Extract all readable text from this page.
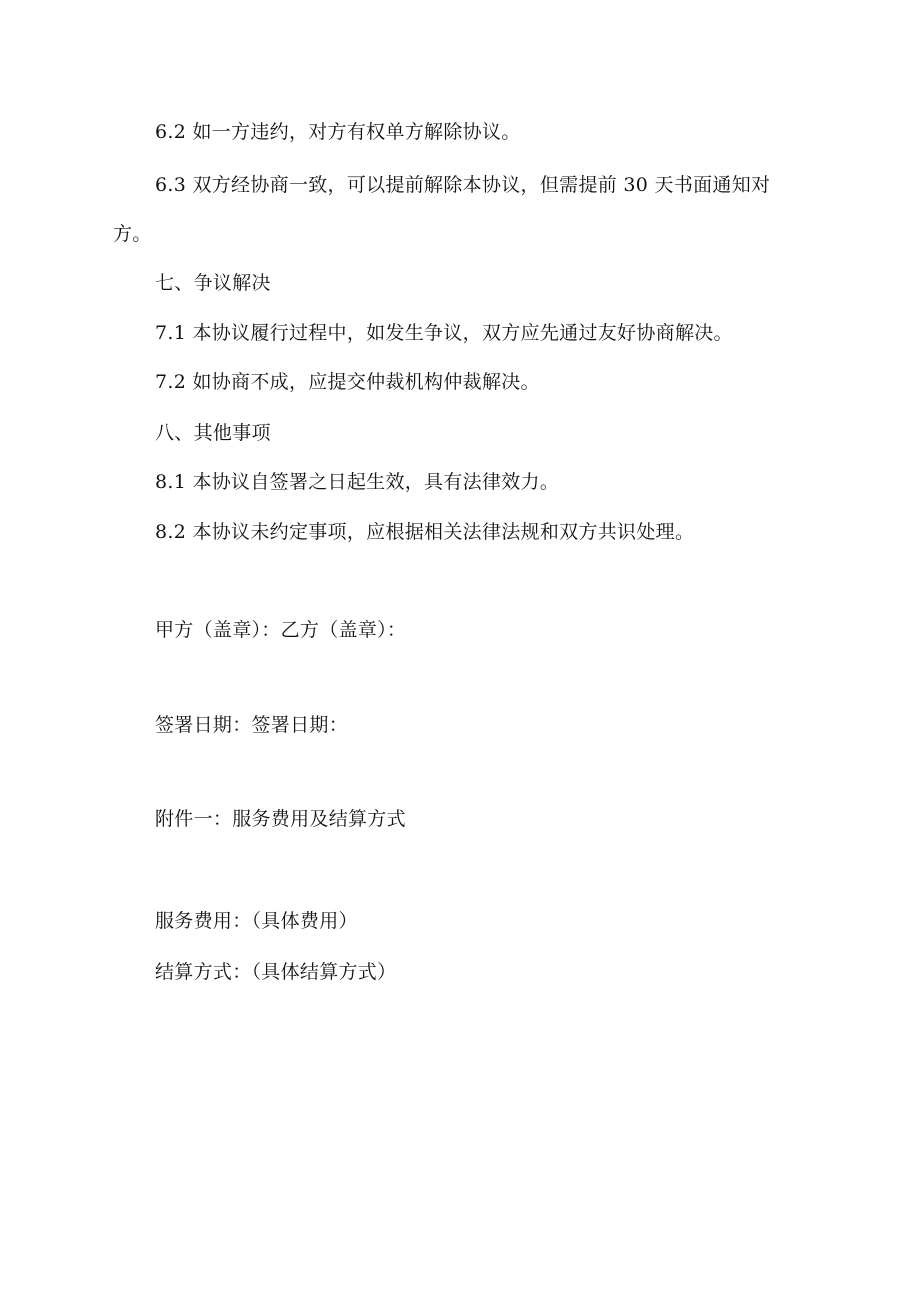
6.2 如一方违约，对方有权单方解除协议。
6.3 双方经协商一致，可以提前解除本协议，但需提前 30 天书面通知对
方。
七、争议解决
7.1 本协议履行过程中，如发生争议，双方应先通过友好协商解决。
7.2 如协商不成，应提交仲裁机构仲裁解决。
八、其他事项
8.1 本协议自签署之日起生效，具有法律效力。
8.2 本协议未约定事项，应根据相关法律法规和双方共识处理。
甲方（盖章）：乙方（盖章）：
签署日期：签署日期：
附件一：服务费用及结算方式
服务费用：（具体费用）
结算方式：（具体结算方式）
